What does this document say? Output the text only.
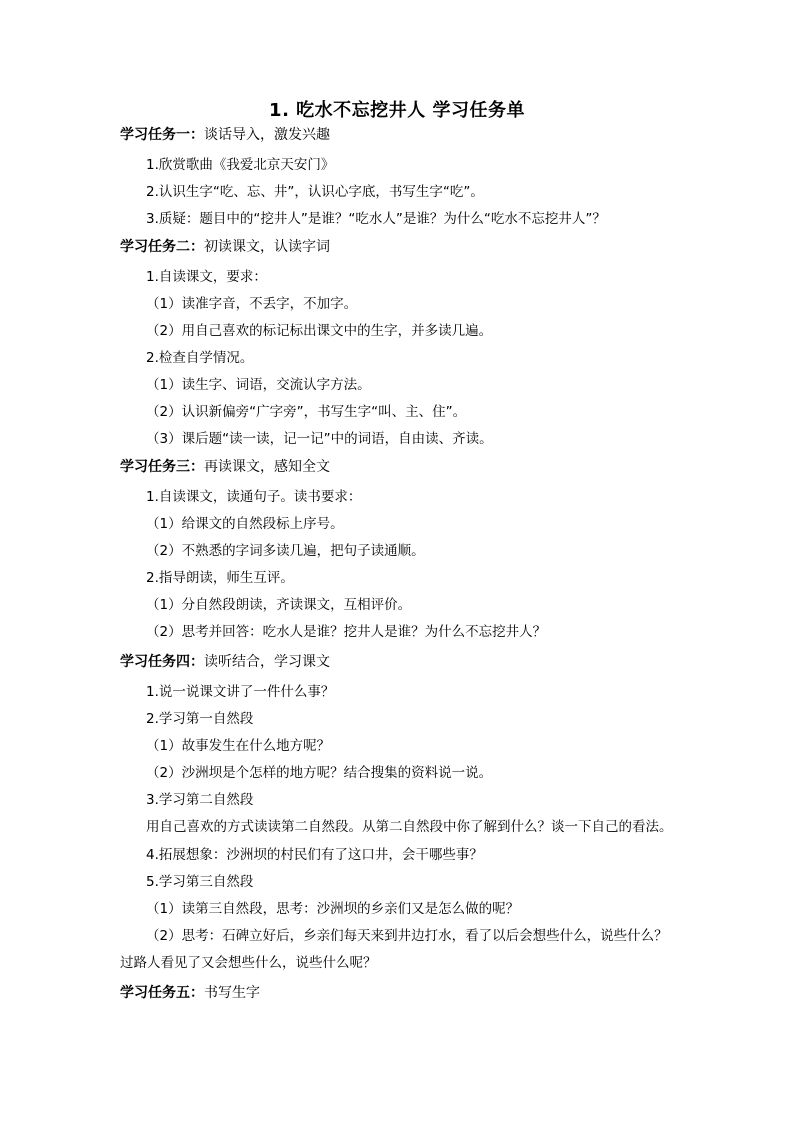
1. 吃水不忘挖井人 学习任务单
学习任务一：谈话导入，激发兴趣
1.欣赏歌曲《我爱北京天安门》
2.认识生字“吃、忘、井”，认识心字底，书写生字“吃”。
3.质疑：题目中的“挖井人”是谁？“吃水人”是谁？为什么“吃水不忘挖井人”？
学习任务二：初读课文，认读字词
1.自读课文，要求：
（1）读准字音，不丢字，不加字。
（2）用自己喜欢的标记标出课文中的生字，并多读几遍。
2.检查自学情况。
（1）读生字、词语，交流认字方法。
（2）认识新偏旁“广字旁”，书写生字“叫、主、住”。
（3）课后题“读一读，记一记”中的词语，自由读、齐读。
学习任务三：再读课文，感知全文
1.自读课文，读通句子。读书要求：
（1）给课文的自然段标上序号。
（2）不熟悉的字词多读几遍，把句子读通顺。
2.指导朗读，师生互评。
（1）分自然段朗读，齐读课文，互相评价。
（2）思考并回答：吃水人是谁？挖井人是谁？为什么不忘挖井人？
学习任务四：读听结合，学习课文
1.说一说课文讲了一件什么事？
2.学习第一自然段
（1）故事发生在什么地方呢？
（2）沙洲坝是个怎样的地方呢？结合搜集的资料说一说。
3.学习第二自然段
用自己喜欢的方式读读第二自然段。从第二自然段中你了解到什么？谈一下自己的看法。
4.拓展想象：沙洲坝的村民们有了这口井，会干哪些事？
5.学习第三自然段
（1）读第三自然段，思考：沙洲坝的乡亲们又是怎么做的呢？
（2）思考：石碑立好后，乡亲们每天来到井边打水，看了以后会想些什么，说些什么？
过路人看见了又会想些什么，说些什么呢？
学习任务五：书写生字
